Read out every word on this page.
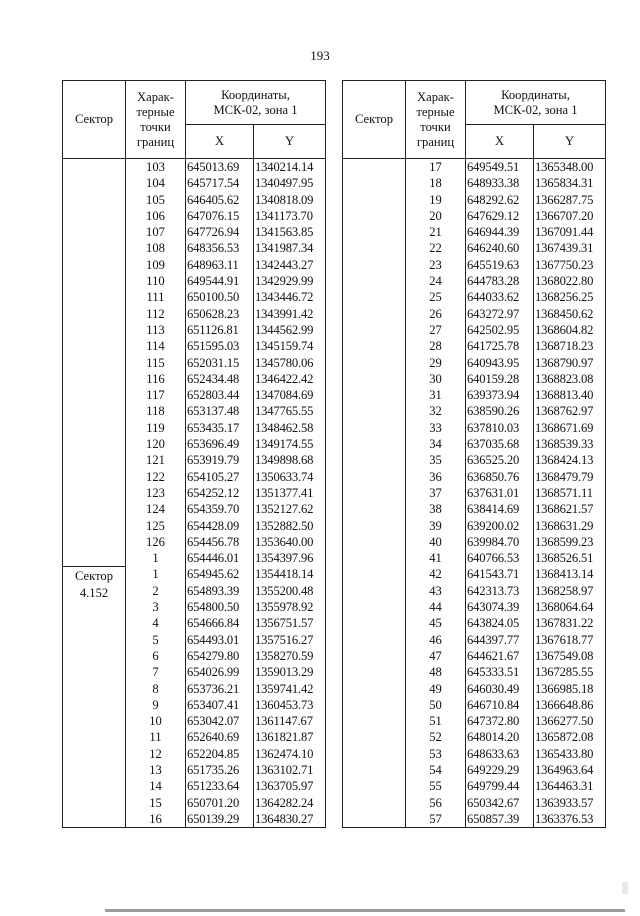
193
Сектор	Харак-
терные
точки
границ	Координаты,
МСК-02, зона 1	
		X	Y
	103	645013.69	1340214.14
	104	645717.54	1340497.95
	105	646405.62	1340818.09
	106	647076.15	1341173.70
	107	647726.94	1341563.85
	108	648356.53	1341987.34
	109	648963.11	1342443.27
	110	649544.91	1342929.99
	111	650100.50	1343446.72
	112	650628.23	1343991.42
	113	651126.81	1344562.99
	114	651595.03	1345159.74
	115	652031.15	1345780.06
	116	652434.48	1346422.42
	117	652803.44	1347084.69
	118	653137.48	1347765.55
	119	653435.17	1348462.58
	120	653696.49	1349174.55
	121	653919.79	1349898.68
	122	654105.27	1350633.74
	123	654252.12	1351377.41
	124	654359.70	1352127.62
	125	654428.09	1352882.50
	126	654456.78	1353640.00
	1	654446.01	1354397.96
Сектор
4.152	1	654945.62	1354418.14
	2	654893.39	1355200.48
	3	654800.50	1355978.92
	4	654666.84	1356751.57
	5	654493.01	1357516.27
	6	654279.80	1358270.59
	7	654026.99	1359013.29
	8	653736.21	1359741.42
	9	653407.41	1360453.73
	10	653042.07	1361147.67
	11	652640.69	1361821.87
	12	652204.85	1362474.10
	13	651735.26	1363102.71
	14	651233.64	1363705.97
	15	650701.20	1364282.24
	16	650139.29	1364830.27
Сектор	Харак-
терные
точки
границ	Координаты,
МСК-02, зона 1	
		X	Y
	17	649549.51	1365348.00
	18	648933.38	1365834.31
	19	648292.62	1366287.75
	20	647629.12	1366707.20
	21	646944.39	1367091.44
	22	646240.60	1367439.31
	23	645519.63	1367750.23
	24	644783.28	1368022.80
	25	644033.62	1368256.25
	26	643272.97	1368450.62
	27	642502.95	1368604.82
	28	641725.78	1368718.23
	29	640943.95	1368790.97
	30	640159.28	1368823.08
	31	639373.94	1368813.40
	32	638590.26	1368762.97
	33	637810.03	1368671.69
	34	637035.68	1368539.33
	35	636525.20	1368424.13
	36	636850.76	1368479.79
	37	637631.01	1368571.11
	38	638414.69	1368621.57
	39	639200.02	1368631.29
	40	639984.70	1368599.23
	41	640766.53	1368526.51
	42	641543.71	1368413.14
	43	642313.73	1368258.97
	44	643074.39	1368064.64
	45	643824.05	1367831.22
	46	644397.77	1367618.77
	47	644621.67	1367549.08
	48	645333.51	1367285.55
	49	646030.49	1366985.18
	50	646710.84	1366648.86
	51	647372.80	1366277.50
	52	648014.20	1365872.08
	53	648633.63	1365433.80
	54	649229.29	1364963.64
	55	649799.44	1364463.31
	56	650342.67	1363933.57
	57	650857.39	1363376.53
